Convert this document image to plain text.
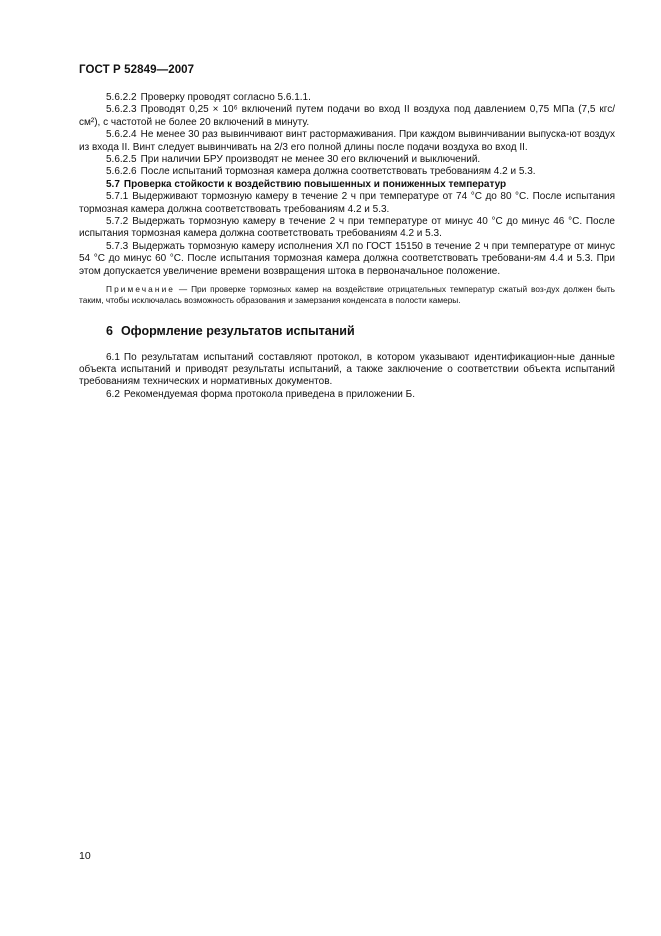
ГОСТ Р 52849—2007

5.6.2.2 Проверку проводят согласно 5.6.1.1.

5.6.2.3 Проводят 0,25 × 10⁶ включений путем подачи во вход II воздуха под давлением 0,75 МПа (7,5 кгс/см²), с частотой не более 20 включений в минуту.

5.6.2.4 Не менее 30 раз вывинчивают винт растормаживания. При каждом вывинчивании выпуска-ют воздух из входа II. Винт следует вывинчивать на 2/3 его полной длины после подачи воздуха во вход II.

5.6.2.5 При наличии БРУ производят не менее 30 его включений и выключений.

5.6.2.6 После испытаний тормозная камера должна соответствовать требованиям 4.2 и 5.3.

5.7 Проверка стойкости к воздействию повышенных и пониженных температур

5.7.1 Выдерживают тормозную камеру в течение 2 ч при температуре от 74 °С до 80 °С. После испытания тормозная камера должна соответствовать требованиям 4.2 и 5.3.

5.7.2 Выдержать тормозную камеру в течение 2 ч при температуре от минус 40 °С до минус 46 °С. После испытания тормозная камера должна соответствовать требованиям 4.2 и 5.3.

5.7.3 Выдержать тормозную камеру исполнения ХЛ по ГОСТ 15150 в течение 2 ч при температуре от минус 54 °С до минус 60 °С. После испытания тормозная камера должна соответствовать требовани-ям 4.4 и 5.3. При этом допускается увеличение времени возвращения штока в первоначальное положение.

Примечание — При проверке тормозных камер на воздействие отрицательных температур сжатый воз-дух должен быть таким, чтобы исключалась возможность образования и замерзания конденсата в полости камеры.

6 Оформление результатов испытаний

6.1 По результатам испытаний составляют протокол, в котором указывают идентификацион-ные данные объекта испытаний и приводят результаты испытаний, а также заключение о соответствии объекта испытаний требованиям технических и нормативных документов.

6.2 Рекомендуемая форма протокола приведена в приложении Б.

10
